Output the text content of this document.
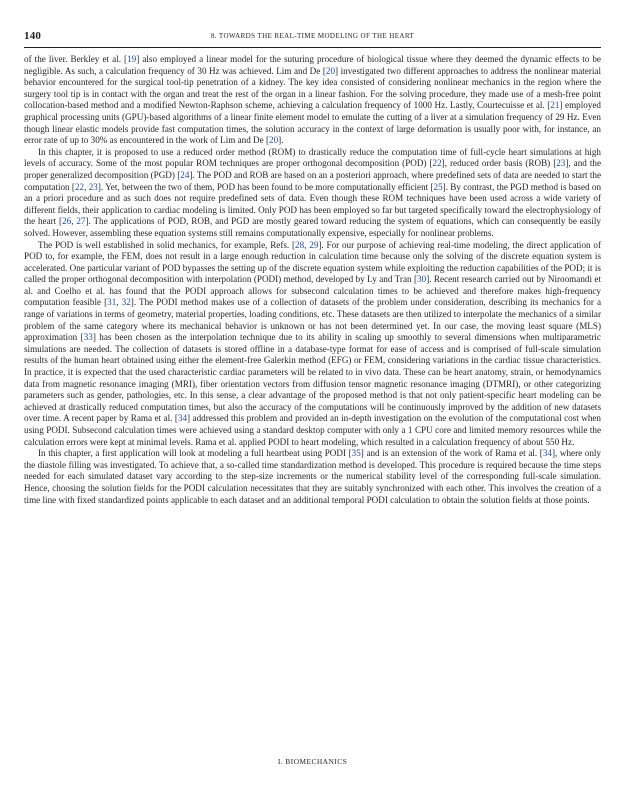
140	8. TOWARDS THE REAL-TIME MODELING OF THE HEART

of the liver. Berkley et al. [19] also employed a linear model for the suturing procedure of biological tissue where they deemed the dynamic effects to be negligible. As such, a calculation frequency of 30 Hz was achieved. Lim and De [20] investigated two different approaches to address the nonlinear material behavior encountered for the surgical tool-tip penetration of a kidney. The key idea consisted of considering nonlinear mechanics in the region where the surgery tool tip is in contact with the organ and treat the rest of the organ in a linear fashion. For the solving procedure, they made use of a mesh-free point collocation-based method and a modified Newton-Raphson scheme, achieving a calculation frequency of 1000 Hz. Lastly, Courtecuisse et al. [21] employed graphical processing units (GPU)-based algorithms of a linear finite element model to emulate the cutting of a liver at a simulation frequency of 29 Hz. Even though linear elastic models provide fast computation times, the solution accuracy in the context of large deformation is usually poor with, for instance, an error rate of up to 30% as encountered in the work of Lim and De [20].

In this chapter, it is proposed to use a reduced order method (ROM) to drastically reduce the computation time of full-cycle heart simulations at high levels of accuracy. Some of the most popular ROM techniques are proper orthogonal decomposition (POD) [22], reduced order basis (ROB) [23], and the proper generalized decomposition (PGD) [24]. The POD and ROB are based on an a posteriori approach, where predefined sets of data are needed to start the computation [22, 23]. Yet, between the two of them, POD has been found to be more computationally efficient [25]. By contrast, the PGD method is based on an a priori procedure and as such does not require predefined sets of data. Even though these ROM techniques have been used across a wide variety of different fields, their application to cardiac modeling is limited. Only POD has been employed so far but targeted specifically toward the electrophysiology of the heart [26, 27]. The applications of POD, ROB, and PGD are mostly geared toward reducing the system of equations, which can consequently be easily solved. However, assembling these equation systems still remains computationally expensive, especially for nonlinear problems.

The POD is well established in solid mechanics, for example, Refs. [28, 29]. For our purpose of achieving real-time modeling, the direct application of POD to, for example, the FEM, does not result in a large enough reduction in calculation time because only the solving of the discrete equation system is accelerated. One particular variant of POD bypasses the setting up of the discrete equation system while exploiting the reduction capabilities of the POD; it is called the proper orthogonal decomposition with interpolation (PODI) method, developed by Ly and Tran [30]. Recent research carried out by Niroomandi et al. and Coelho et al. has found that the PODI approach allows for subsecond calculation times to be achieved and therefore makes high-frequency computation feasible [31, 32]. The PODI method makes use of a collection of datasets of the problem under consideration, describing its mechanics for a range of variations in terms of geometry, material properties, loading conditions, etc. These datasets are then utilized to interpolate the mechanics of a similar problem of the same category where its mechanical behavior is unknown or has not been determined yet. In our case, the moving least square (MLS) approximation [33] has been chosen as the interpolation technique due to its ability in scaling up smoothly to several dimensions when multiparametric simulations are needed. The collection of datasets is stored offline in a database-type format for ease of access and is comprised of full-scale simulation results of the human heart obtained using either the element-free Galerkin method (EFG) or FEM, considering variations in the cardiac tissue characteristics. In practice, it is expected that the used characteristic cardiac parameters will be related to in vivo data. These can be heart anatomy, strain, or hemodynamics data from magnetic resonance imaging (MRI), fiber orientation vectors from diffusion tensor magnetic resonance imaging (DTMRI), or other categorizing parameters such as gender, pathologies, etc. In this sense, a clear advantage of the proposed method is that not only patient-specific heart modeling can be achieved at drastically reduced computation times, but also the accuracy of the computations will be continuously improved by the addition of new datasets over time. A recent paper by Rama et al. [34] addressed this problem and provided an in-depth investigation on the evolution of the computational cost when using PODI. Subsecond calculation times were achieved using a standard desktop computer with only a 1 CPU core and limited memory resources while the calculation errors were kept at minimal levels. Rama et al. applied PODI to heart modeling, which resulted in a calculation frequency of about 550 Hz.

In this chapter, a first application will look at modeling a full heartbeat using PODI [35] and is an extension of the work of Rama et al. [34], where only the diastole filling was investigated. To achieve that, a so-called time standardization method is developed. This procedure is required because the time steps needed for each simulated dataset vary according to the step-size increments or the numerical stability level of the corresponding full-scale simulation. Hence, choosing the solution fields for the PODI calculation necessitates that they are suitably synchronized with each other. This involves the creation of a time line with fixed standardized points applicable to each dataset and an additional temporal PODI calculation to obtain the solution fields at those points.

I. BIOMECHANICS
